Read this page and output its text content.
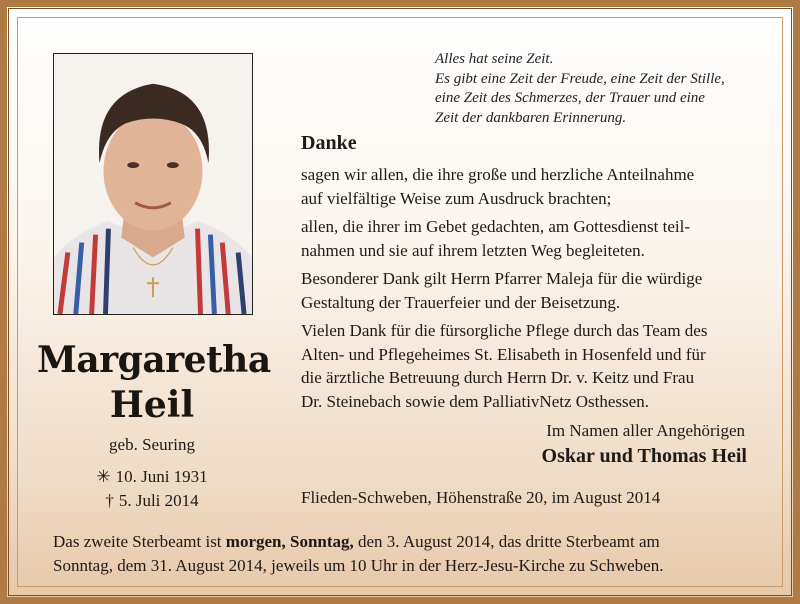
Margaretha
Heil
geb. Seuring
✳ 10. Juni 1931
† 5. Juli 2014
Alles hat seine Zeit.
Es gibt eine Zeit der Freude, eine Zeit der Stille,
eine Zeit des Schmerzes, der Trauer und eine
Zeit der dankbaren Erinnerung.
Danke
sagen wir allen, die ihre große und herzliche Anteilnahme
auf vielfältige Weise zum Ausdruck brachten;
allen, die ihrer im Gebet gedachten, am Gottesdienst teil-
nahmen und sie auf ihrem letzten Weg begleiteten.
Besonderer Dank gilt Herrn Pfarrer Maleja für die würdige
Gestaltung der Trauerfeier und der Beisetzung.
Vielen Dank für die fürsorgliche Pflege durch das Team des
Alten- und Pflegeheimes St. Elisabeth in Hosenfeld und für
die ärztliche Betreuung durch Herrn Dr. v. Keitz und Frau
Dr. Steinebach sowie dem PalliativNetz Osthessen.
Im Namen aller Angehörigen
Oskar und Thomas Heil
Flieden-Schweben, Höhenstraße 20, im August 2014
Das zweite Sterbeamt ist morgen, Sonntag, den 3. August 2014, das dritte Sterbeamt am
Sonntag, dem 31. August 2014, jeweils um 10 Uhr in der Herz-Jesu-Kirche zu Schweben.
